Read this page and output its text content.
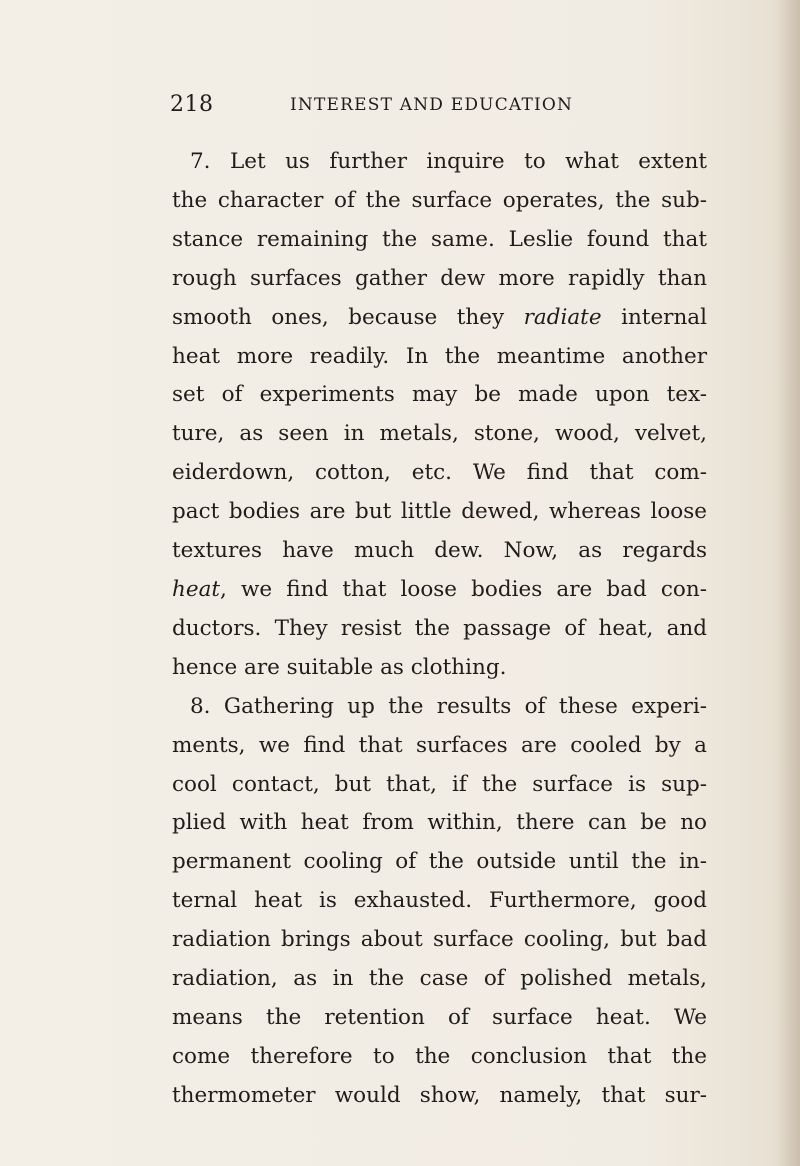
218	INTEREST AND EDUCATION
7. Let us further inquire to what extent
the character of the surface operates, the sub-
stance remaining the same. Leslie found that
rough surfaces gather dew more rapidly than
smooth ones, because they radiate internal
heat more readily. In the meantime another
set of experiments may be made upon tex-
ture, as seen in metals, stone, wood, velvet,
eiderdown, cotton, etc. We find that com-
pact bodies are but little dewed, whereas loose
textures have much dew. Now, as regards
heat, we find that loose bodies are bad con-
ductors. They resist the passage of heat, and
hence are suitable as clothing.
8. Gathering up the results of these experi-
ments, we find that surfaces are cooled by a
cool contact, but that, if the surface is sup-
plied with heat from within, there can be no
permanent cooling of the outside until the in-
ternal heat is exhausted. Furthermore, good
radiation brings about surface cooling, but bad
radiation, as in the case of polished metals,
means the retention of surface heat. We
come therefore to the conclusion that the
thermometer would show, namely, that sur-
